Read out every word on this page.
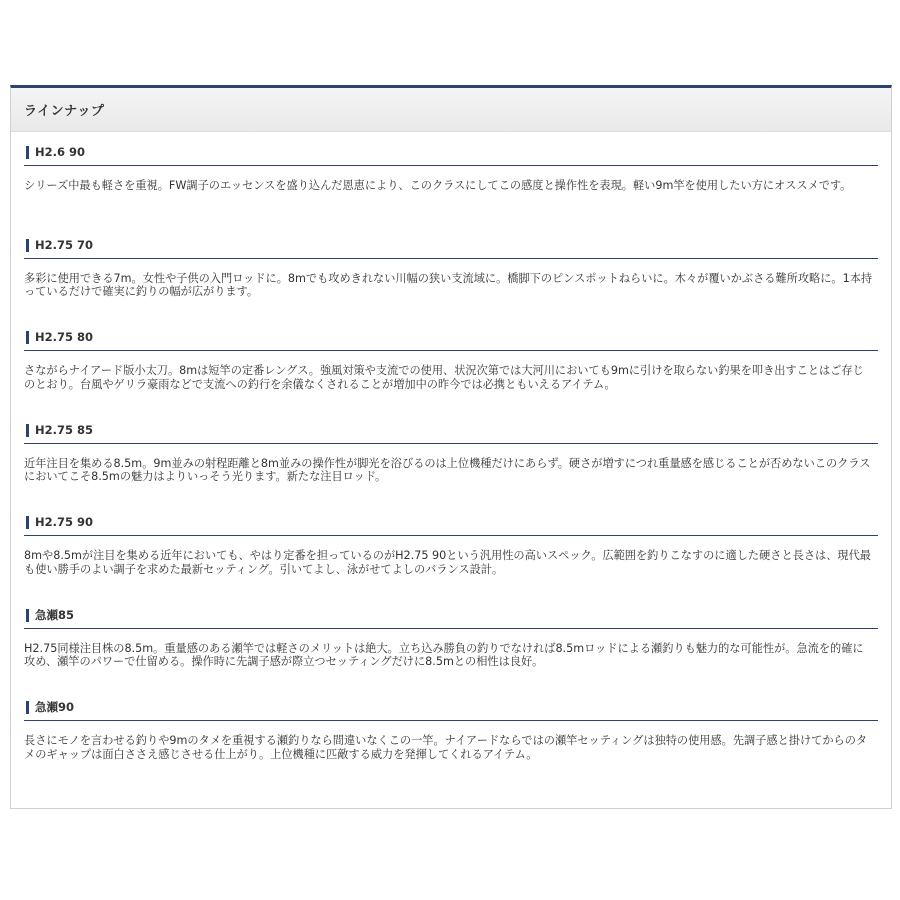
ラインナップ
H2.6 90
シリーズ中最も軽さを重視。FW調子のエッセンスを盛り込んだ恩恵により、このクラスにしてこの感度と操作性を表現。軽い9m竿を使用したい方にオススメです。
H2.75 70
多彩に使用できる7m。女性や子供の入門ロッドに。8mでも攻めきれない川幅の狭い支流域に。橋脚下のピンスポットねらいに。木々が覆いかぶさる難所攻略に。1本持っているだけで確実に釣りの幅が広がります。
H2.75 80
さながらナイアード版小太刀。8mは短竿の定番レングス。強風対策や支流での使用、状況次第では大河川においても9mに引けを取らない釣果を叩き出すことはご存じのとおり。台風やゲリラ豪雨などで支流への釣行を余儀なくされることが増加中の昨今では必携ともいえるアイテム。
H2.75 85
近年注目を集める8.5m。9m並みの射程距離と8m並みの操作性が脚光を浴びるのは上位機種だけにあらず。硬さが増すにつれ重量感を感じることが否めないこのクラスにおいてこそ8.5mの魅力はよりいっそう光ります。新たな注目ロッド。
H2.75 90
8mや8.5mが注目を集める近年においても、やはり定番を担っているのがH2.75 90という汎用性の高いスペック。広範囲を釣りこなすのに適した硬さと長さは、現代最も使い勝手のよい調子を求めた最新セッティング。引いてよし、泳がせてよしのバランス設計。
急瀬85
H2.75同様注目株の8.5m。重量感のある瀬竿では軽さのメリットは絶大。立ち込み勝負の釣りでなければ8.5mロッドによる瀬釣りも魅力的な可能性が。急流を的確に攻め、瀬竿のパワーで仕留める。操作時に先調子感が際立つセッティングだけに8.5mとの相性は良好。
急瀬90
長さにモノを言わせる釣りや9mのタメを重視する瀬釣りなら間違いなくこの一竿。ナイアードならではの瀬竿セッティングは独特の使用感。先調子感と掛けてからのタメのギャップは面白ささえ感じさせる仕上がり。上位機種に匹敵する威力を発揮してくれるアイテム。
